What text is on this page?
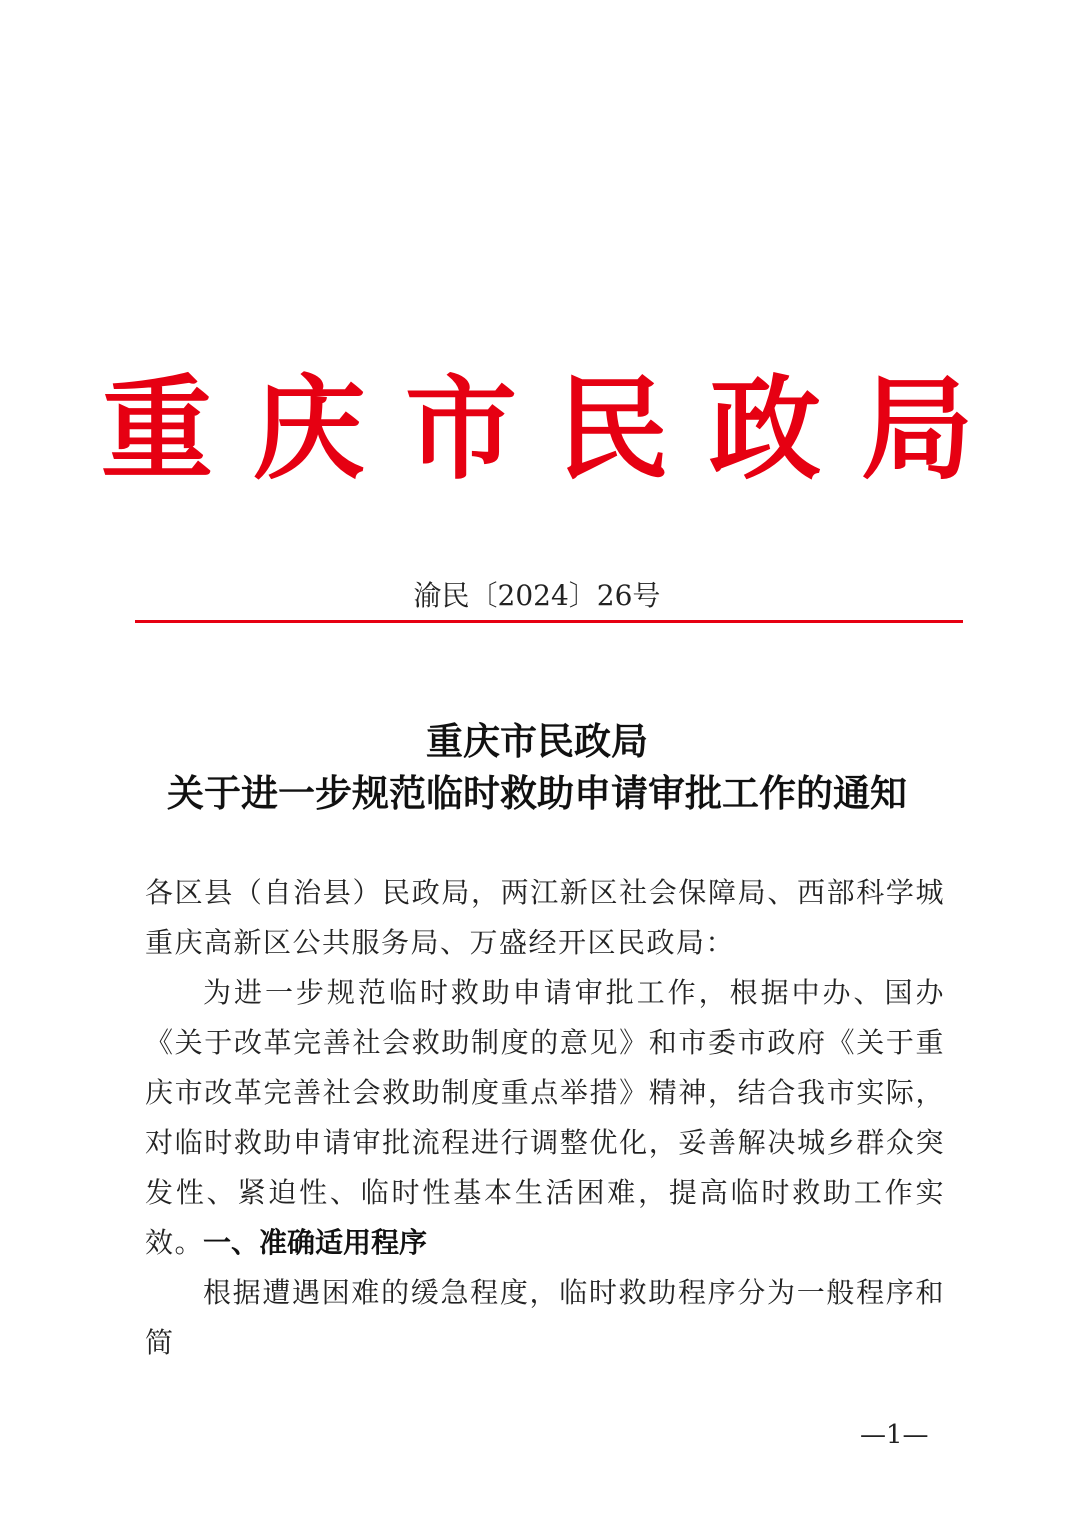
重庆市民政局
渝民〔2024〕26号
重庆市民政局
关于进一步规范临时救助申请审批工作的通知
各区县（自治县）民政局，两江新区社会保障局、西部科学城重庆高新区公共服务局、万盛经开区民政局：
为进一步规范临时救助申请审批工作，根据中办、国办《关于改革完善社会救助制度的意见》和市委市政府《关于重庆市改革完善社会救助制度重点举措》精神，结合我市实际，对临时救助申请审批流程进行调整优化，妥善解决城乡群众突发性、紧迫性、临时性基本生活困难，提高临时救助工作实效。
一、准确适用程序
根据遭遇困难的缓急程度，临时救助程序分为一般程序和简
—1—
